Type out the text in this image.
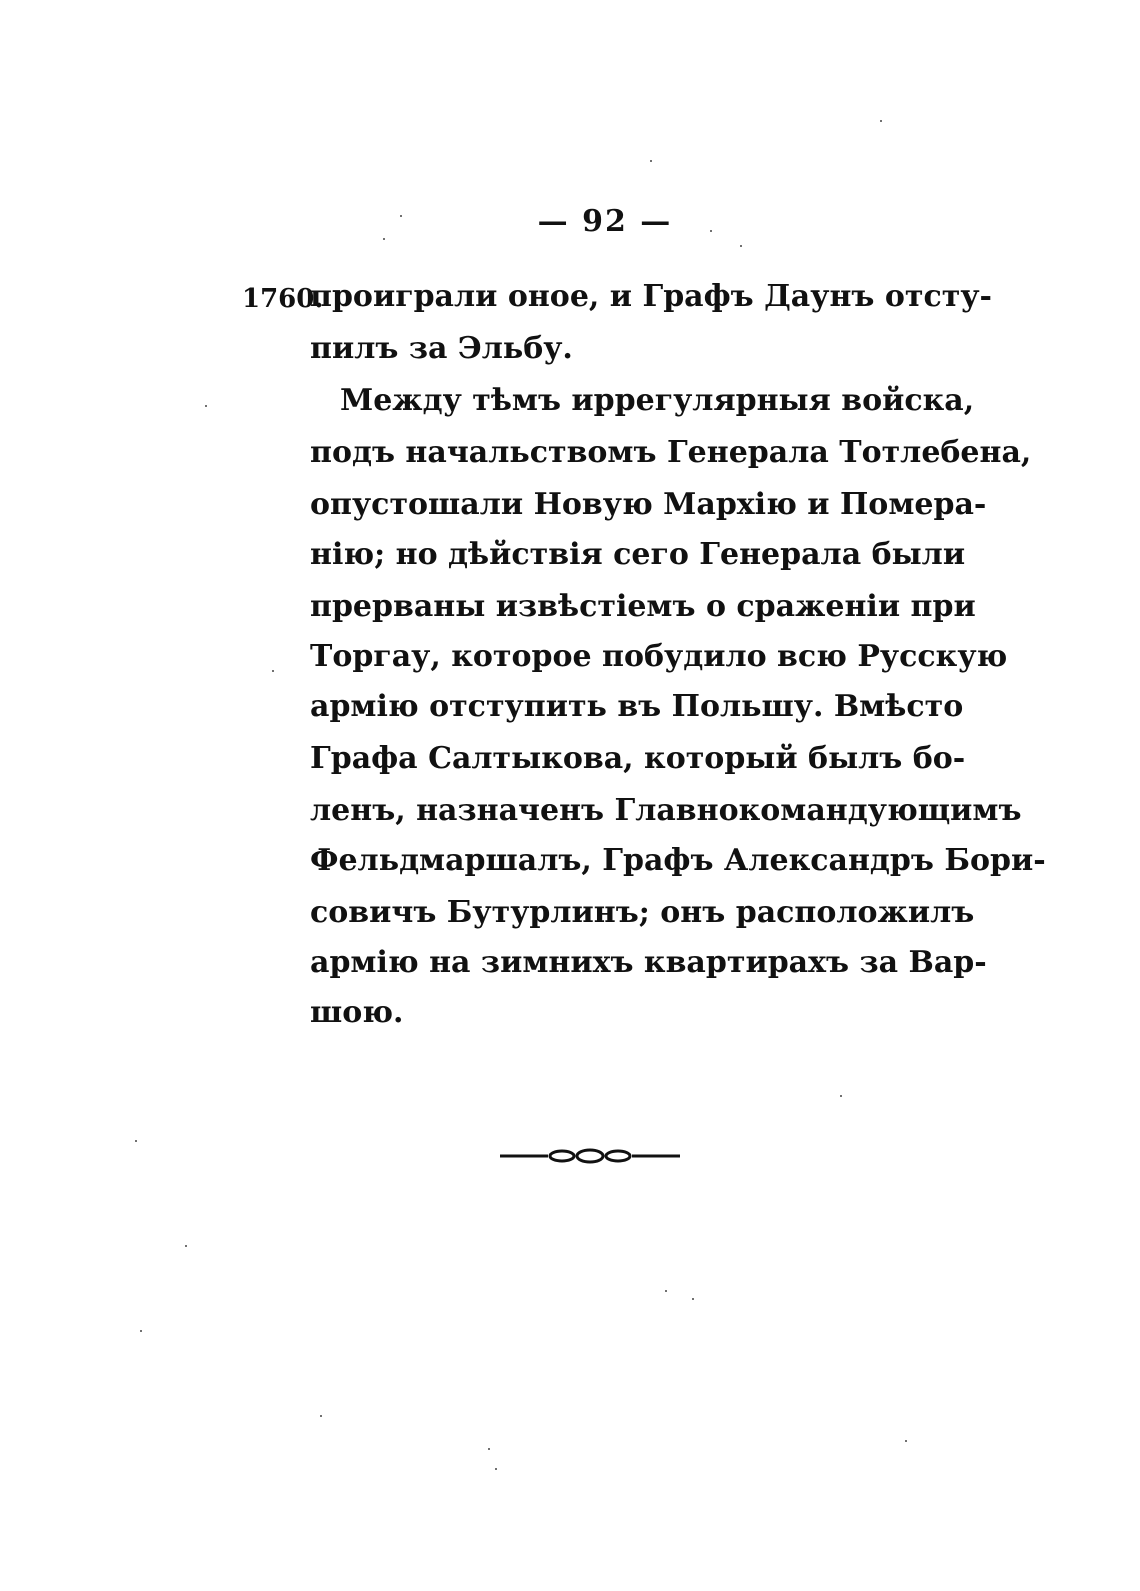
— 92 —
1760.
проиграли оное, и Графъ Даунъ отсту-
пилъ за Эльбу.
Между тѣмъ иррегулярныя войска,
подъ начальствомъ Генерала Тотлебена,
опустошали Новую Мархію и Помера-
нію; но дѣйствія сего Генерала были
прерваны извѣстіемъ о сраженіи при
Торгау, которое побудило всю Русскую
армію отступить въ Польшу. Вмѣсто
Графа Салтыкова, который былъ бо-
ленъ, назначенъ Главнокомандующимъ
Фельдмаршалъ, Графъ Александръ Бори-
совичъ Бутурлинъ; онъ расположилъ
армію на зимнихъ квартирахъ за Вар-
шою.
